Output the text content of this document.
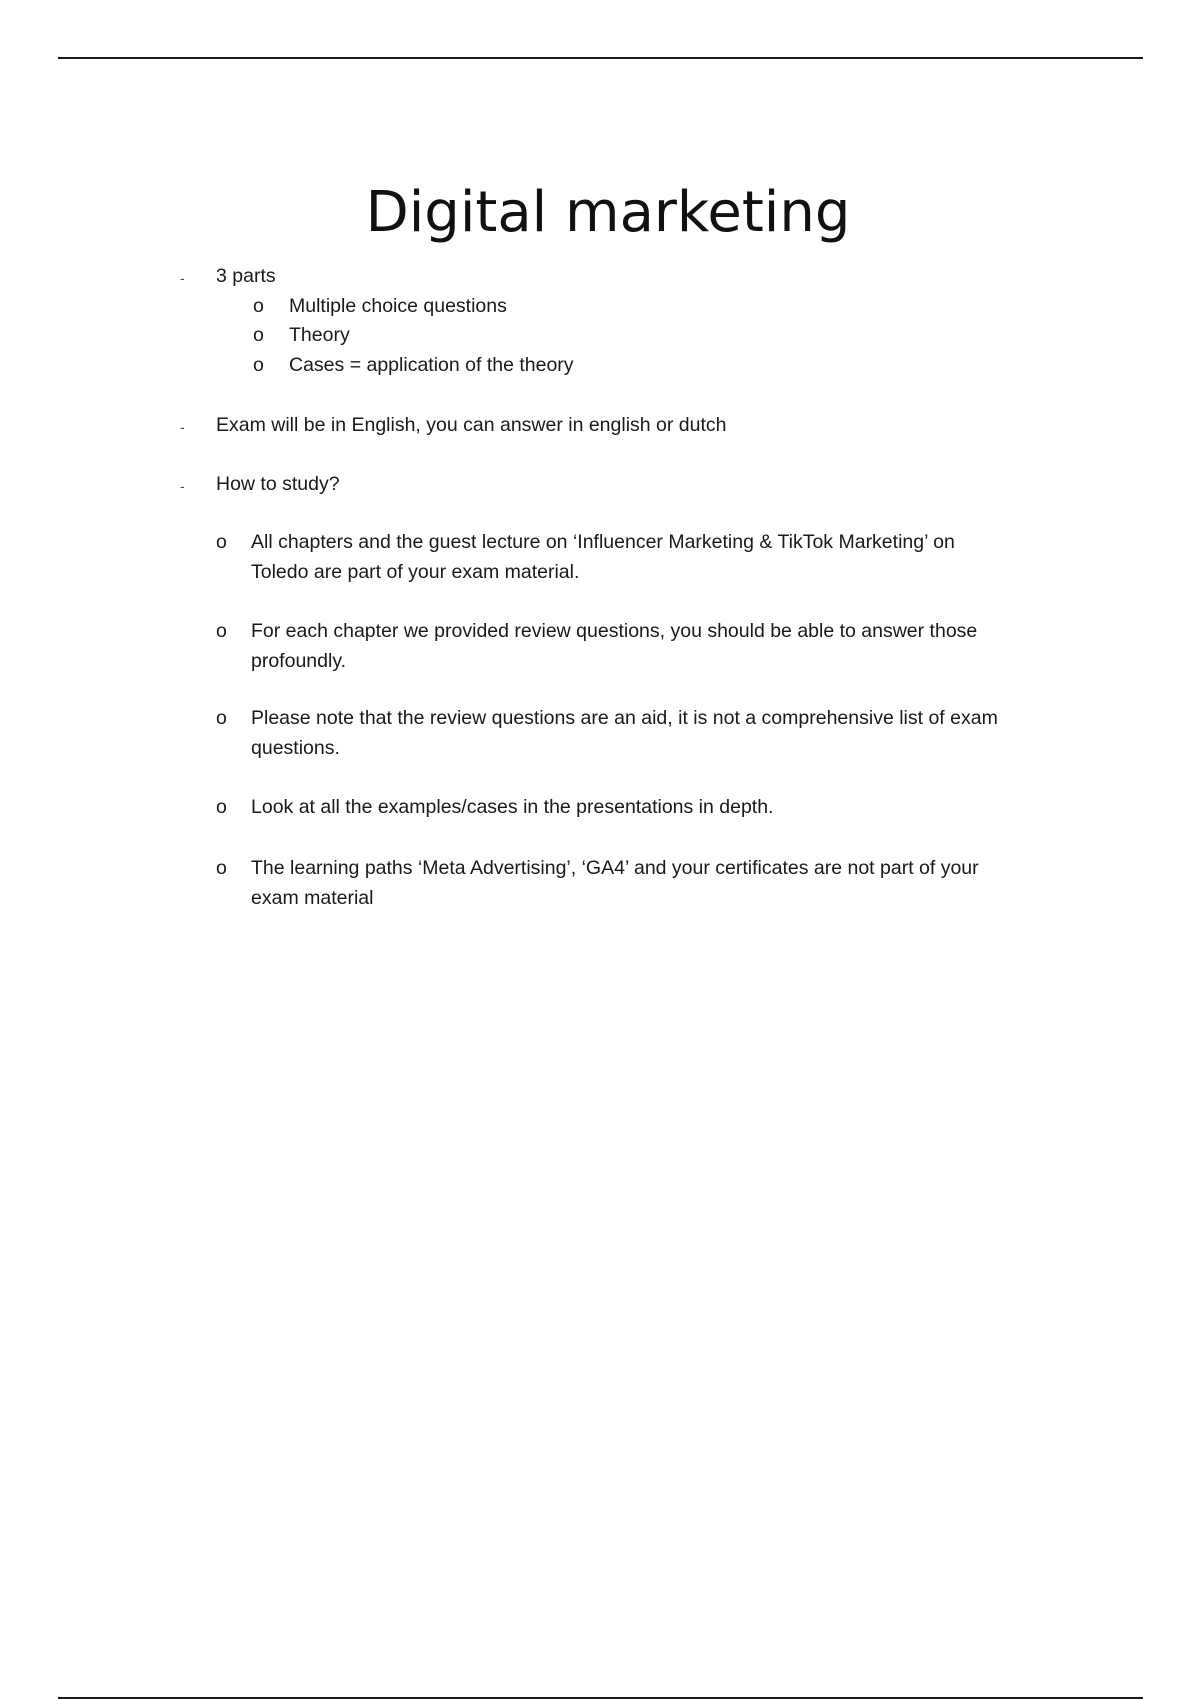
Digital marketing
- 3 parts
o Multiple choice questions
o Theory
o Cases = application of the theory
- Exam will be in English, you can answer in english or dutch
- How to study?
o All chapters and the guest lecture on ‘Influencer Marketing & TikTok Marketing’ on Toledo are part of your exam material.
o For each chapter we provided review questions, you should be able to answer those profoundly.
o Please note that the review questions are an aid, it is not a comprehensive list of exam questions.
o Look at all the examples/cases in the presentations in depth.
o The learning paths ‘Meta Advertising’, ‘GA4’ and your certificates are not part of your exam material
